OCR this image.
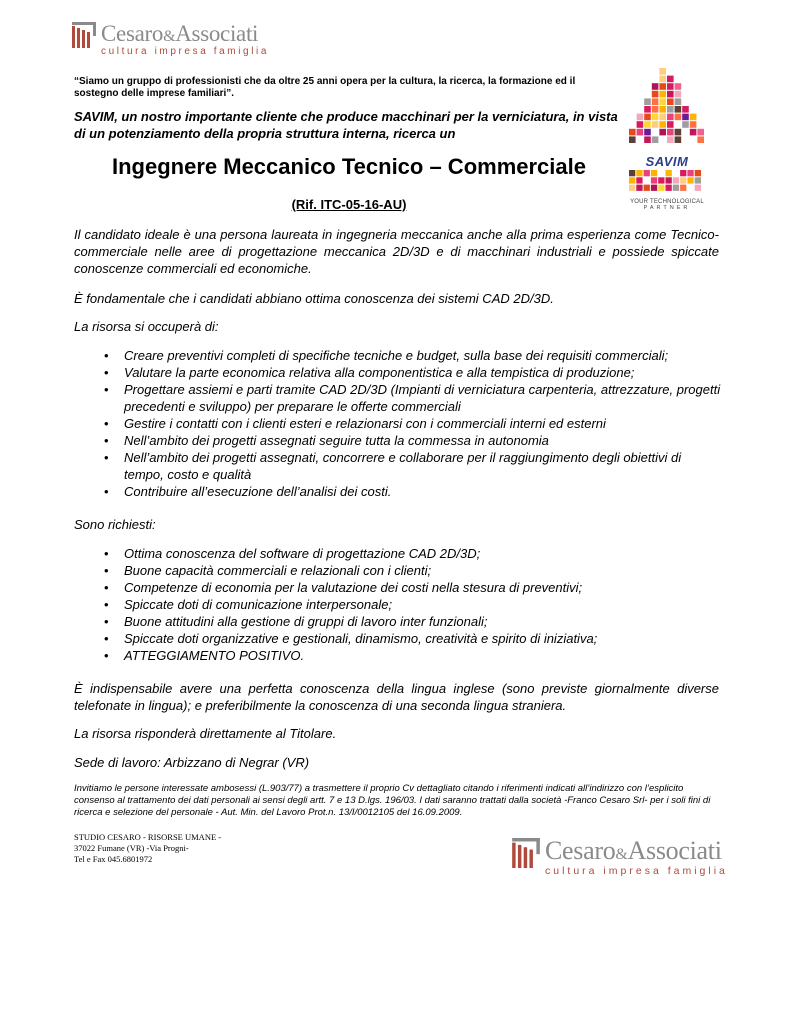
Cesaro&Associati
cultura impresa famiglia
“Siamo un gruppo di professionisti che da oltre 25 anni opera per la cultura, la ricerca, la formazione ed il sostegno delle imprese familiari”.
SAVIM, un nostro importante cliente che produce macchinari per la verniciatura, in vista di un potenziamento della propria struttura interna, ricerca un
SAVIM
YOUR TECHNOLOGICAL
PARTNER
Ingegnere Meccanico Tecnico – Commerciale
(Rif. ITC-05-16-AU)
Il candidato ideale è una persona laureata in ingegneria meccanica anche alla prima esperienza come Tecnico-commerciale nelle aree di progettazione meccanica 2D/3D e di macchinari industriali e possiede spiccate conoscenze commerciali ed economiche.
È fondamentale che i candidati abbiano ottima conoscenza dei sistemi CAD 2D/3D.
La risorsa si occuperà di:
• Creare preventivi completi di specifiche tecniche e budget, sulla base dei requisiti commerciali;
• Valutare la parte economica relativa alla componentistica e alla tempistica di produzione;
• Progettare assiemi e parti tramite CAD 2D/3D (Impianti di verniciatura carpenteria, attrezzature, progetti precedenti e sviluppo) per preparare le offerte commerciali
• Gestire i contatti con i clienti esteri e relazionarsi con i commerciali interni ed esterni
• Nell’ambito dei progetti assegnati seguire tutta la commessa in autonomia
• Nell’ambito dei progetti assegnati, concorrere e collaborare per il raggiungimento degli obiettivi di tempo, costo e qualità
• Contribuire all’esecuzione dell’analisi dei costi.
Sono richiesti:
• Ottima conoscenza del software di progettazione CAD 2D/3D;
• Buone capacità commerciali e relazionali con i clienti;
• Competenze di economia per la valutazione dei costi nella stesura di preventivi;
• Spiccate doti di comunicazione interpersonale;
• Buone attitudini alla gestione di gruppi di lavoro inter funzionali;
• Spiccate doti organizzative e gestionali, dinamismo, creatività e spirito di iniziativa;
• ATTEGGIAMENTO POSITIVO.
È indispensabile avere una perfetta conoscenza della lingua inglese (sono previste giornalmente diverse telefonate in lingua); e preferibilmente la conoscenza di una seconda lingua straniera.
La risorsa risponderà direttamente al Titolare.
Sede di lavoro: Arbizzano di Negrar (VR)
Invitiamo le persone interessate ambosessi (L.903/77) a trasmettere il proprio Cv dettagliato citando i riferimenti indicati all’indirizzo con l’esplicito consenso al trattamento dei dati personali ai sensi degli artt. 7 e 13 D.lgs. 196/03. I dati saranno trattati dalla società -Franco Cesaro Srl- per i soli fini di ricerca e selezione del personale - Aut. Min. del Lavoro Prot.n. 13/I/0012105 del 16.09.2009.
STUDIO CESARO - RISORSE UMANE -
37022 Fumane (VR) -Via Progni-
Tel e Fax 045.6801972	Cesaro&Associati
cultura impresa famiglia
